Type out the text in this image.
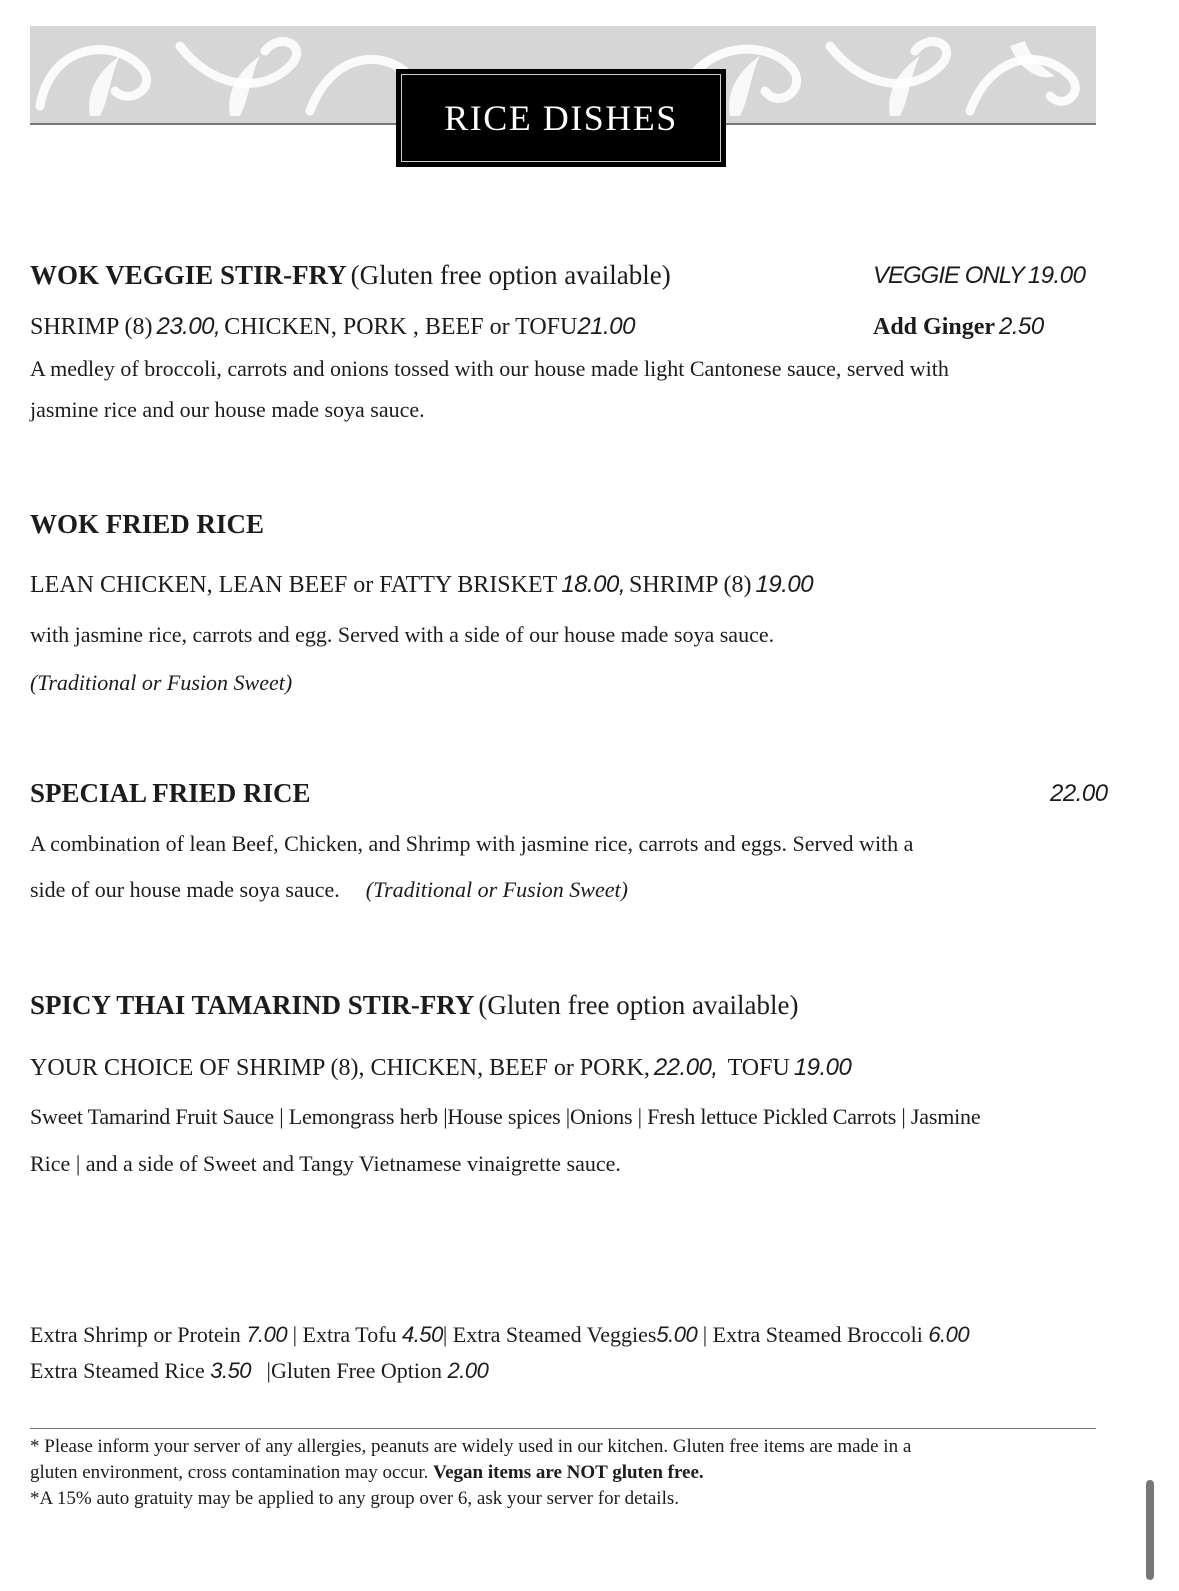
RICE DISHES
WOK VEGGIE STIR-FRY (Gluten free option available)	VEGGIE ONLY 19.00
SHRIMP (8) 23.00, CHICKEN, PORK , BEEF or TOFU21.00	Add Ginger 2.50
A medley of broccoli, carrots and onions tossed with our house made light Cantonese sauce, served with
jasmine rice and our house made soya sauce.
WOK FRIED RICE
LEAN CHICKEN, LEAN BEEF or FATTY BRISKET 18.00, SHRIMP (8) 19.00
with jasmine rice, carrots and egg. Served with a side of our house made soya sauce.
(Traditional or Fusion Sweet)
SPECIAL FRIED RICE	22.00
A combination of lean Beef, Chicken, and Shrimp with jasmine rice, carrots and eggs. Served with a
side of our house made soya sauce. (Traditional or Fusion Sweet)
SPICY THAI TAMARIND STIR-FRY (Gluten free option available)
YOUR CHOICE OF SHRIMP (8), CHICKEN, BEEF or PORK, 22.00, TOFU 19.00
Sweet Tamarind Fruit Sauce | Lemongrass herb |House spices |Onions | Fresh lettuce Pickled Carrots | Jasmine
Rice | and a side of Sweet and Tangy Vietnamese vinaigrette sauce.
Extra Shrimp or Protein 7.00 | Extra Tofu 4.50| Extra Steamed Veggies5.00 | Extra Steamed Broccoli 6.00
Extra Steamed Rice 3.50 |Gluten Free Option 2.00
* Please inform your server of any allergies, peanuts are widely used in our kitchen. Gluten free items are made in a
gluten environment, cross contamination may occur. Vegan items are NOT gluten free.
*A 15% auto gratuity may be applied to any group over 6, ask your server for details.
